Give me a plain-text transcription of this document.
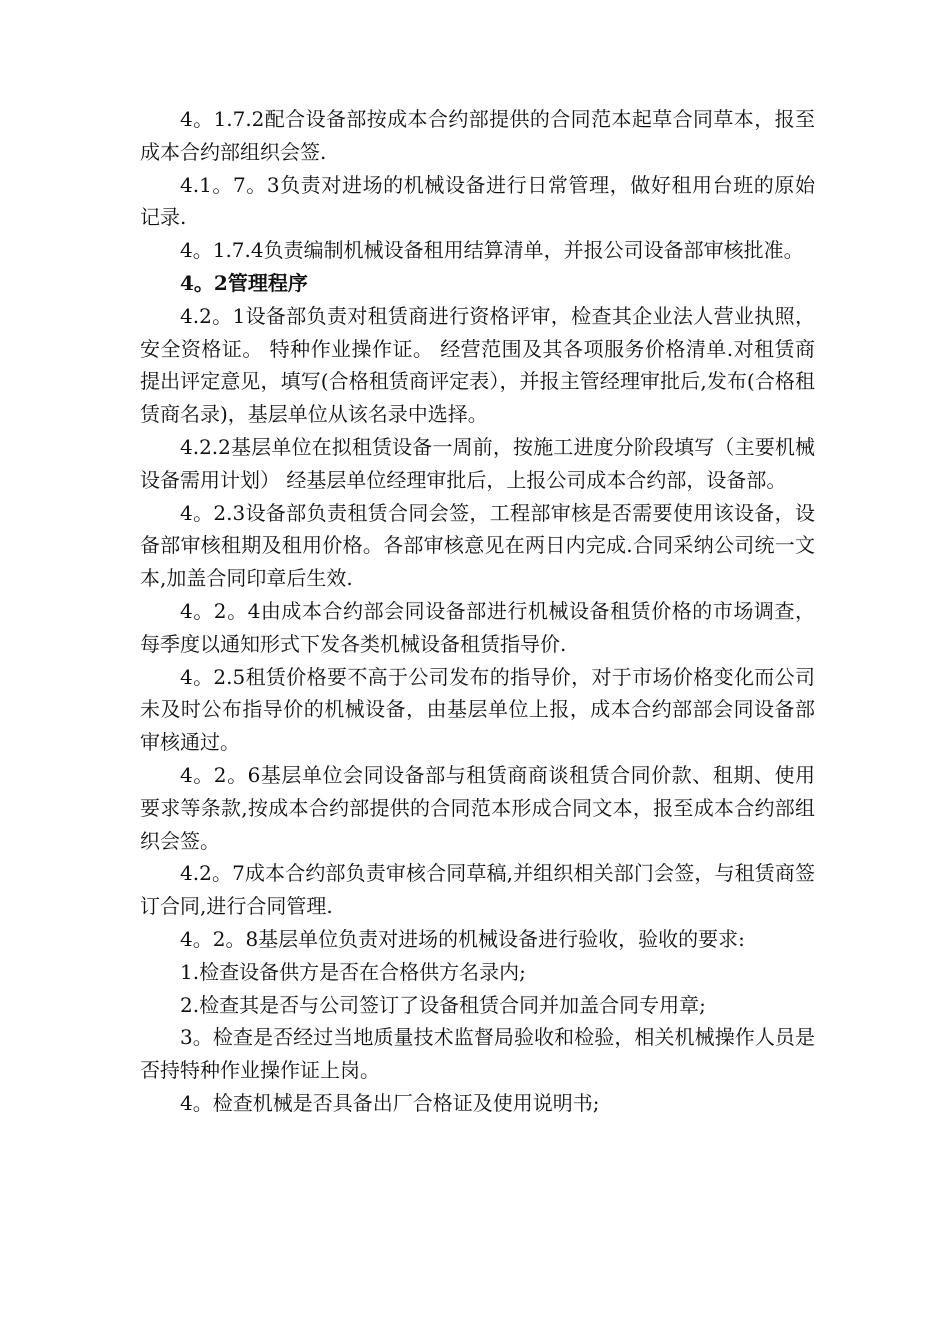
4。1.7.2配合设备部按成本合约部提供的合同范本起草合同草本，报至成本合约部组织会签.

4.1。7。3负责对进场的机械设备进行日常管理，做好租用台班的原始记录.

4。1.7.4负责编制机械设备租用结算清单，并报公司设备部审核批准。

4。2管理程序

4.2。1设备部负责对租赁商进行资格评审，检查其企业法人营业执照，安全资格证。 特种作业操作证。 经营范围及其各项服务价格清单.对租赁商提出评定意见，填写(合格租赁商评定表），并报主管经理审批后,发布(合格租赁商名录)，基层单位从该名录中选择。

4.2.2基层单位在拟租赁设备一周前，按施工进度分阶段填写（主要机械设备需用计划） 经基层单位经理审批后，上报公司成本合约部，设备部。

4。2.3设备部负责租赁合同会签，工程部审核是否需要使用该设备，设备部审核租期及租用价格。各部审核意见在两日内完成.合同采纳公司统一文本,加盖合同印章后生效.

4。2。4由成本合约部会同设备部进行机械设备租赁价格的市场调查，每季度以通知形式下发各类机械设备租赁指导价.

4。2.5租赁价格要不高于公司发布的指导价，对于市场价格变化而公司未及时公布指导价的机械设备，由基层单位上报，成本合约部部会同设备部审核通过。

4。2。6基层单位会同设备部与租赁商商谈租赁合同价款、租期、使用要求等条款,按成本合约部提供的合同范本形成合同文本，报至成本合约部组织会签。

4.2。7成本合约部负责审核合同草稿,并组织相关部门会签，与租赁商签订合同,进行合同管理.

4。2。8基层单位负责对进场的机械设备进行验收，验收的要求:

1.检查设备供方是否在合格供方名录内;

2.检查其是否与公司签订了设备租赁合同并加盖合同专用章;

3。检查是否经过当地质量技术监督局验收和检验，相关机械操作人员是否持特种作业操作证上岗。

4。检查机械是否具备出厂合格证及使用说明书;
